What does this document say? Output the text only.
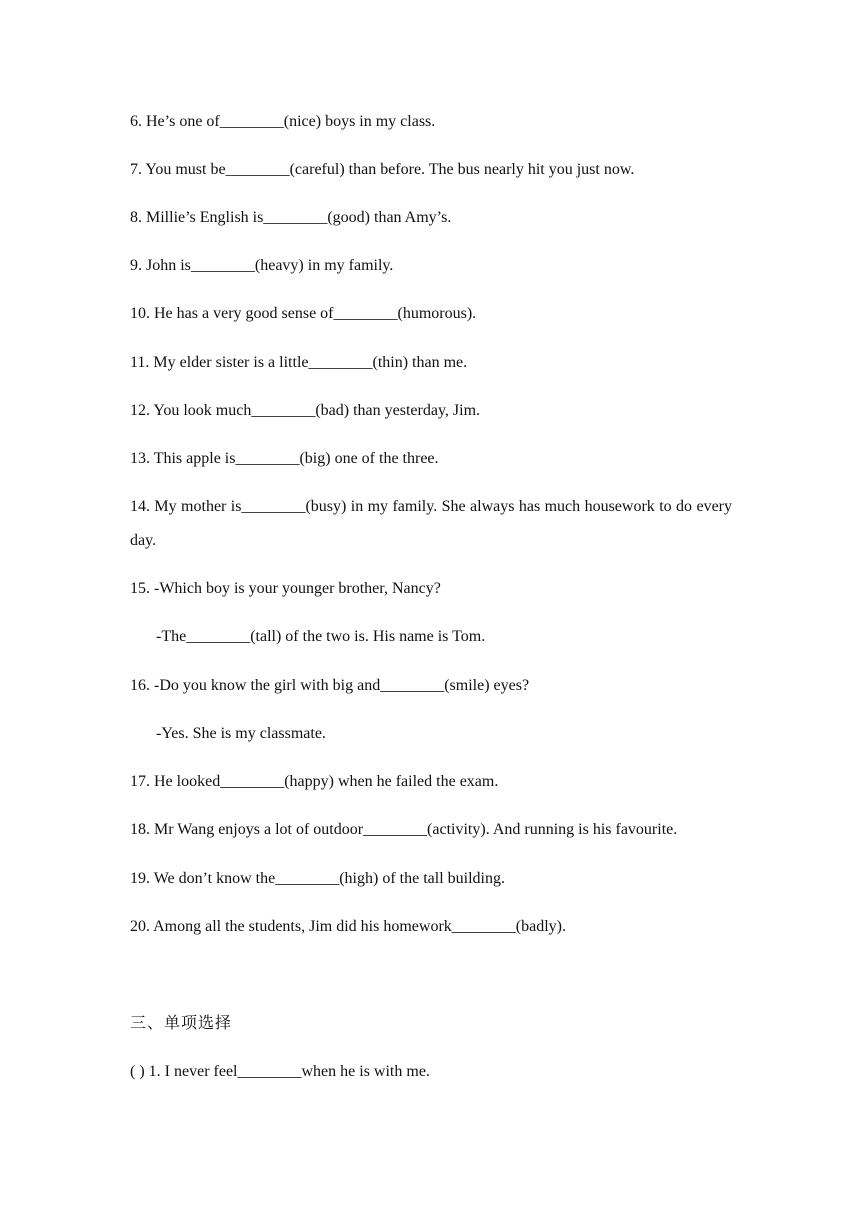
6. He’s one of________(nice) boys in my class.
7. You must be________(careful) than before. The bus nearly hit you just now.
8. Millie’s English is________(good) than Amy’s.
9. John is________(heavy) in my family.
10. He has a very good sense of________(humorous).
11. My elder sister is a little________(thin) than me.
12. You look much________(bad) than yesterday, Jim.
13. This apple is________(big) one of the three.
14. My mother is________(busy) in my family. She always has much housework to do every day.
15. -Which boy is your younger brother, Nancy?
-The________(tall) of the two is. His name is Tom.
16. -Do you know the girl with big and________(smile) eyes?
-Yes. She is my classmate.
17. He looked________(happy) when he failed the exam.
18. Mr Wang enjoys a lot of outdoor________(activity). And running is his favourite.
19. We don’t know the________(high) of the tall building.
20. Among all the students, Jim did his homework________(badly).
三、单项选择
( ) 1. I never feel________when he is with me.
